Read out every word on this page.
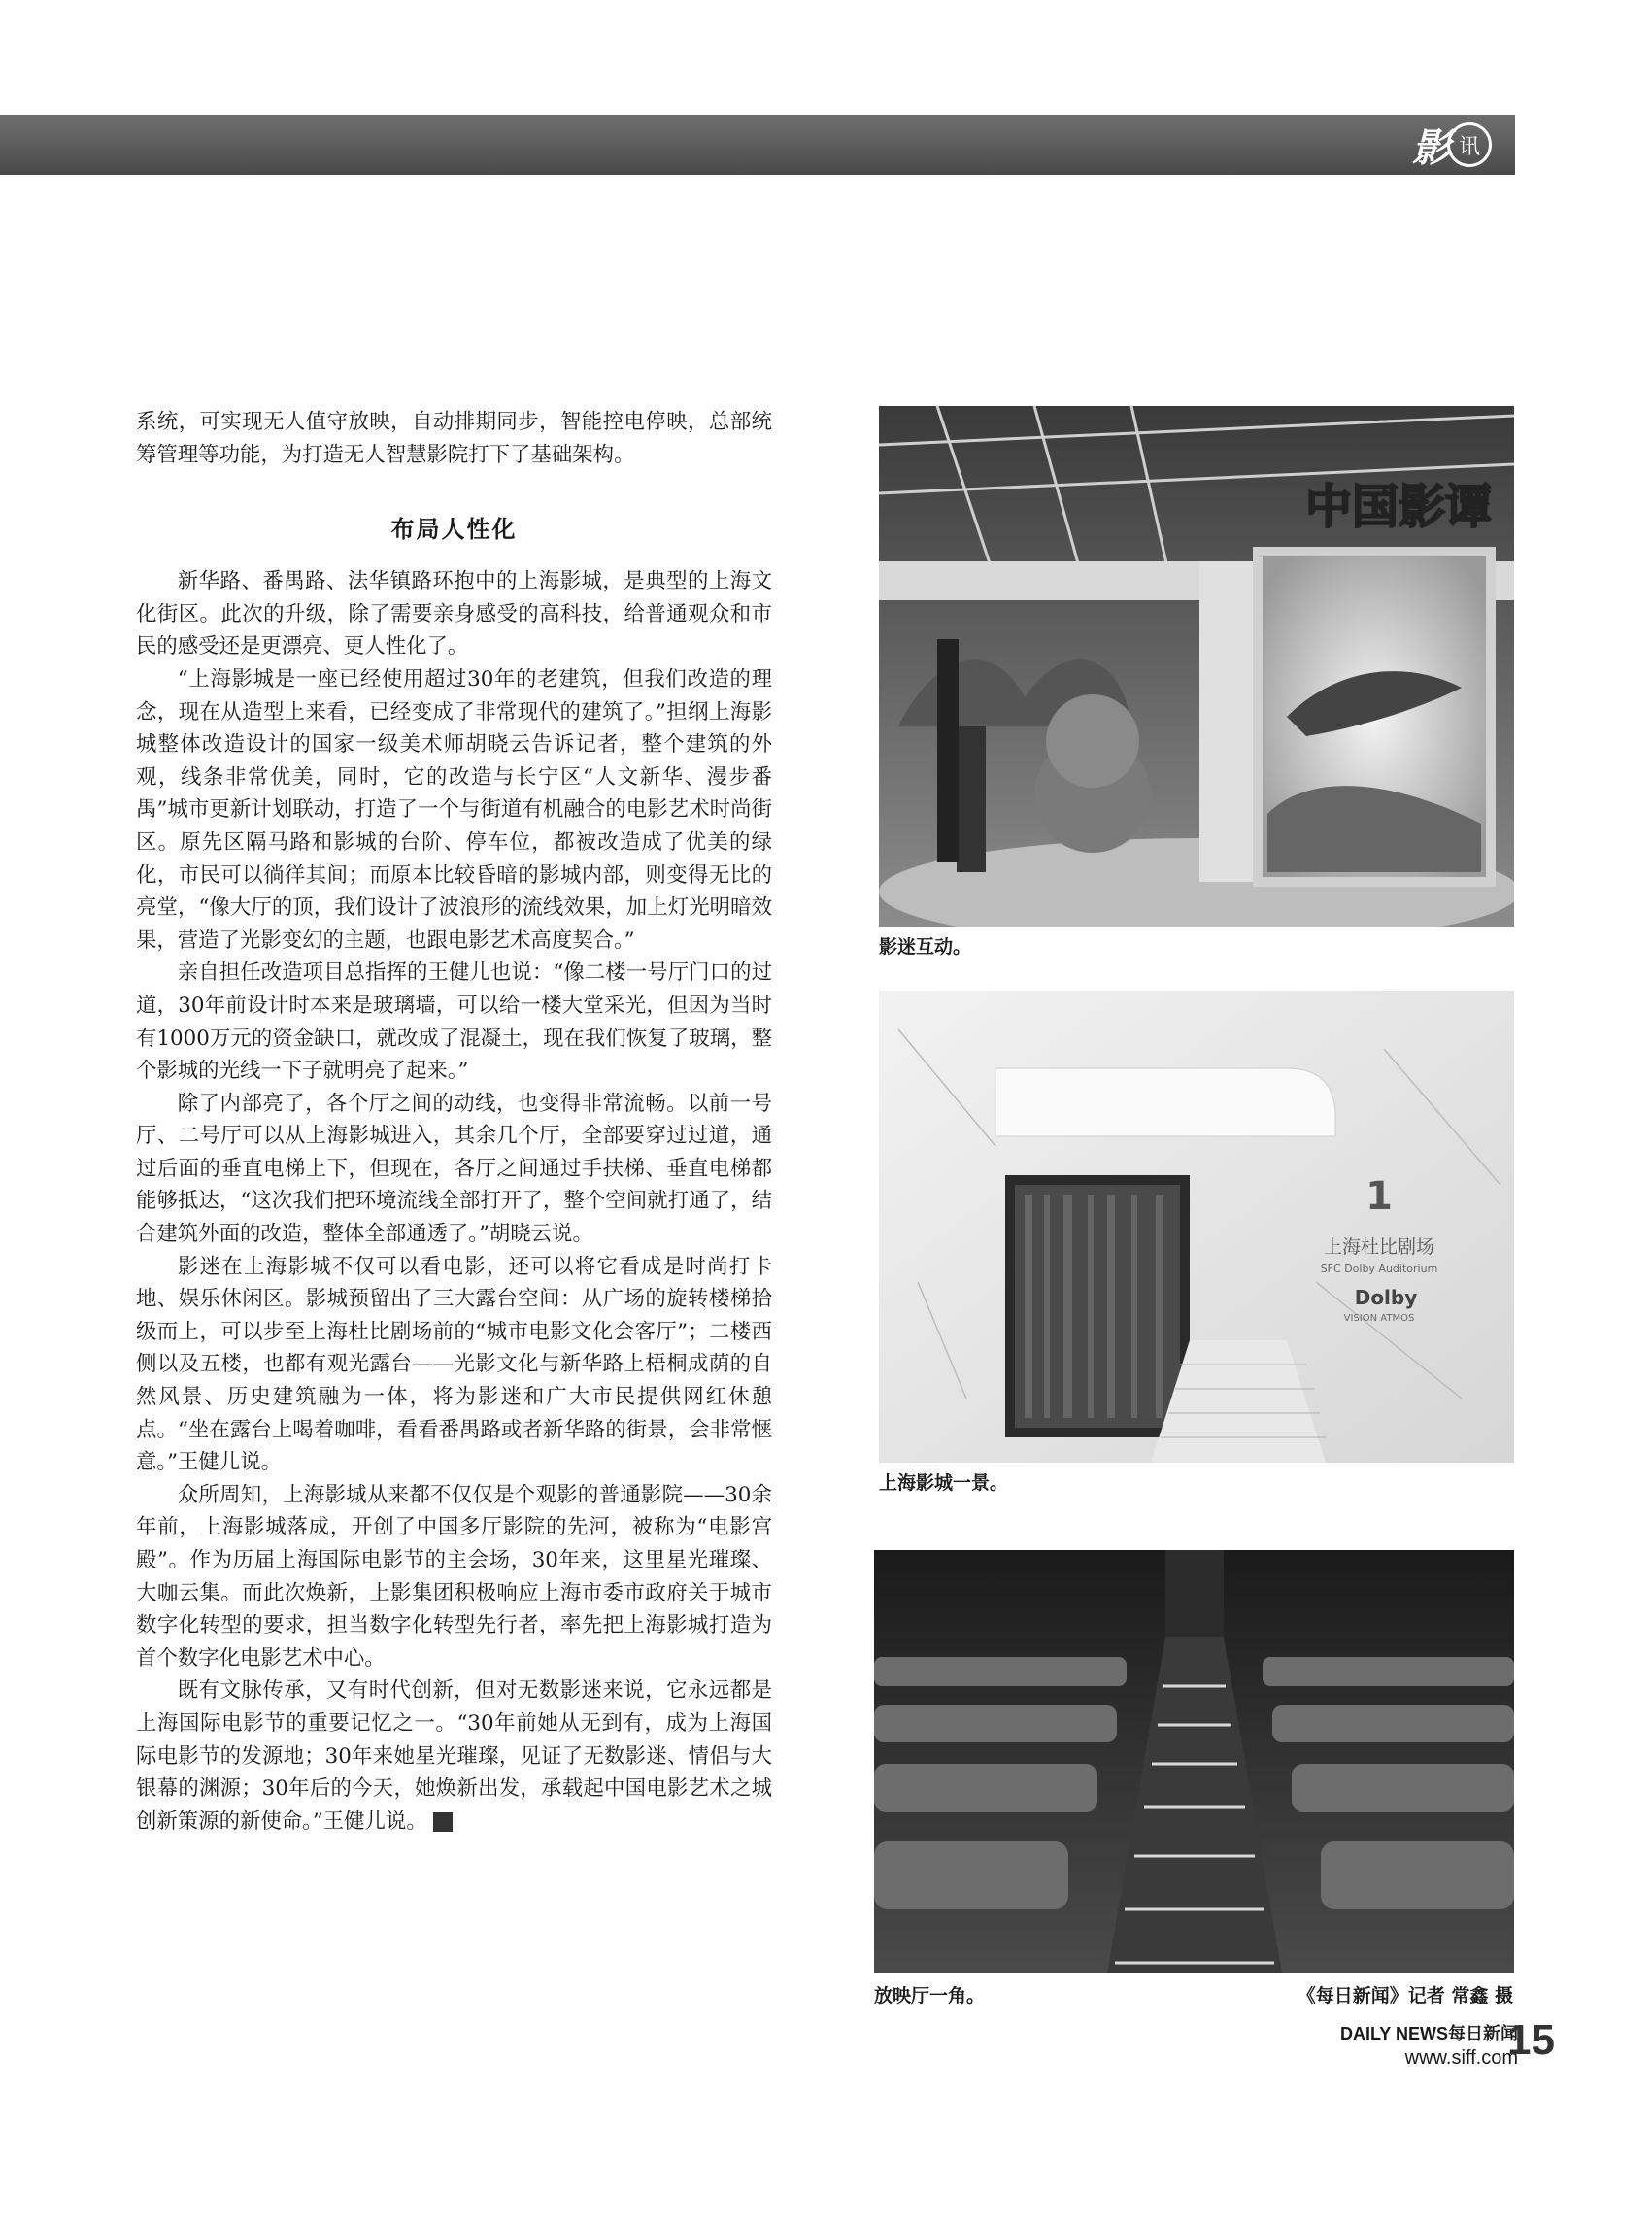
影 讯

系统，可实现无人值守放映，自动排期同步，智能控电停映，总部统筹管理等功能，为打造无人智慧影院打下了基础架构。

布局人性化

新华路、番禺路、法华镇路环抱中的上海影城，是典型的上海文化街区。此次的升级，除了需要亲身感受的高科技，给普通观众和市民的感受还是更漂亮、更人性化了。

“上海影城是一座已经使用超过30年的老建筑，但我们改造的理念，现在从造型上来看，已经变成了非常现代的建筑了。”担纲上海影城整体改造设计的国家一级美术师胡晓云告诉记者，整个建筑的外观，线条非常优美，同时，它的改造与长宁区“人文新华、漫步番禺”城市更新计划联动，打造了一个与街道有机融合的电影艺术时尚街区。原先区隔马路和影城的台阶、停车位，都被改造成了优美的绿化，市民可以徜徉其间；而原本比较昏暗的影城内部，则变得无比的亮堂，“像大厅的顶，我们设计了波浪形的流线效果，加上灯光明暗效果，营造了光影变幻的主题，也跟电影艺术高度契合。”

亲自担任改造项目总指挥的王健儿也说：“像二楼一号厅门口的过道，30年前设计时本来是玻璃墙，可以给一楼大堂采光，但因为当时有1000万元的资金缺口，就改成了混凝土，现在我们恢复了玻璃，整个影城的光线一下子就明亮了起来。”

除了内部亮了，各个厅之间的动线，也变得非常流畅。以前一号厅、二号厅可以从上海影城进入，其余几个厅，全部要穿过过道，通过后面的垂直电梯上下，但现在，各厅之间通过手扶梯、垂直电梯都能够抵达，“这次我们把环境流线全部打开了，整个空间就打通了，结合建筑外面的改造，整体全部通透了。”胡晓云说。

影迷在上海影城不仅可以看电影，还可以将它看成是时尚打卡地、娱乐休闲区。影城预留出了三大露台空间：从广场的旋转楼梯拾级而上，可以步至上海杜比剧场前的“城市电影文化会客厅”；二楼西侧以及五楼，也都有观光露台——光影文化与新华路上梧桐成荫的自然风景、历史建筑融为一体，将为影迷和广大市民提供网红休憩点。“坐在露台上喝着咖啡，看看番禺路或者新华路的街景，会非常惬意。”王健儿说。

众所周知，上海影城从来都不仅仅是个观影的普通影院——30余年前，上海影城落成，开创了中国多厅影院的先河，被称为“电影宫殿”。作为历届上海国际电影节的主会场，30年来，这里星光璀璨、大咖云集。而此次焕新，上影集团积极响应上海市委市政府关于城市数字化转型的要求，担当数字化转型先行者，率先把上海影城打造为首个数字化电影艺术中心。

既有文脉传承，又有时代创新，但对无数影迷来说，它永远都是上海国际电影节的重要记忆之一。“30年前她从无到有，成为上海国际电影节的发源地；30年来她星光璀璨，见证了无数影迷、情侣与大银幕的渊源；30年后的今天，她焕新出发，承载起中国电影艺术之城创新策源的新使命。”王健儿说。	▣

中国影谭
影迷互动。
1
上海杜比剧场
SFC Dolby Auditorium
Dolby
VISION ATMOS
上海影城一景。
放映厅一角。	《每日新闻》记者 常鑫 摄
DAILY NEWS每日新闻
www.siff.com
15
